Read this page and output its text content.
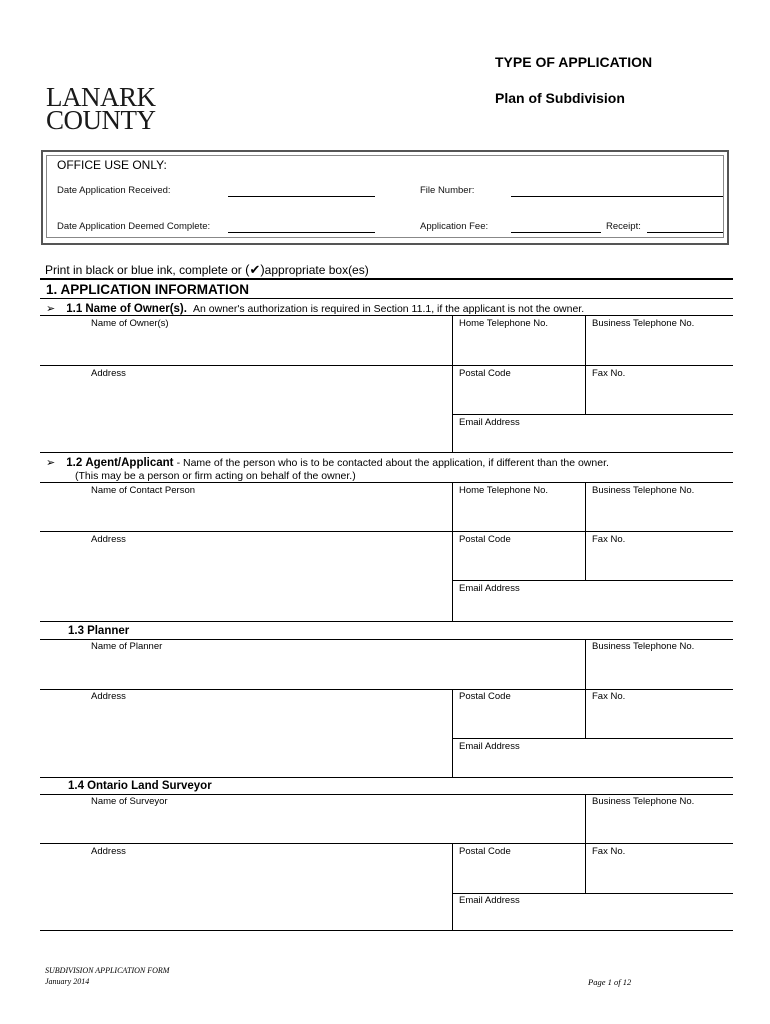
LANARK
COUNTY
TYPE OF APPLICATION
Plan of Subdivision
OFFICE USE ONLY:
Date Application Received:	File Number:
Date Application Deemed Complete:	Application Fee:	Receipt:
Print in black or blue ink, complete or (✔)appropriate box(es)
1. APPLICATION INFORMATION
➢ 1.1 Name of Owner(s). An owner's authorization is required in Section 11.1, if the applicant is not the owner.
Name of Owner(s)	Home Telephone No.	Business Telephone No.
Address	Postal Code	Fax No.
Email Address
➢ 1.2 Agent/Applicant - Name of the person who is to be contacted about the application, if different than the owner.
(This may be a person or firm acting on behalf of the owner.)
Name of Contact Person	Home Telephone No.	Business Telephone No.
Address	Postal Code	Fax No.
Email Address
1.3 Planner
Name of Planner	Business Telephone No.
Address	Postal Code	Fax No.
Email Address
1.4 Ontario Land Surveyor
Name of Surveyor	Business Telephone No.
Address	Postal Code	Fax No.
Email Address
SUBDIVISION APPLICATION FORM
January 2014	Page 1 of 12
